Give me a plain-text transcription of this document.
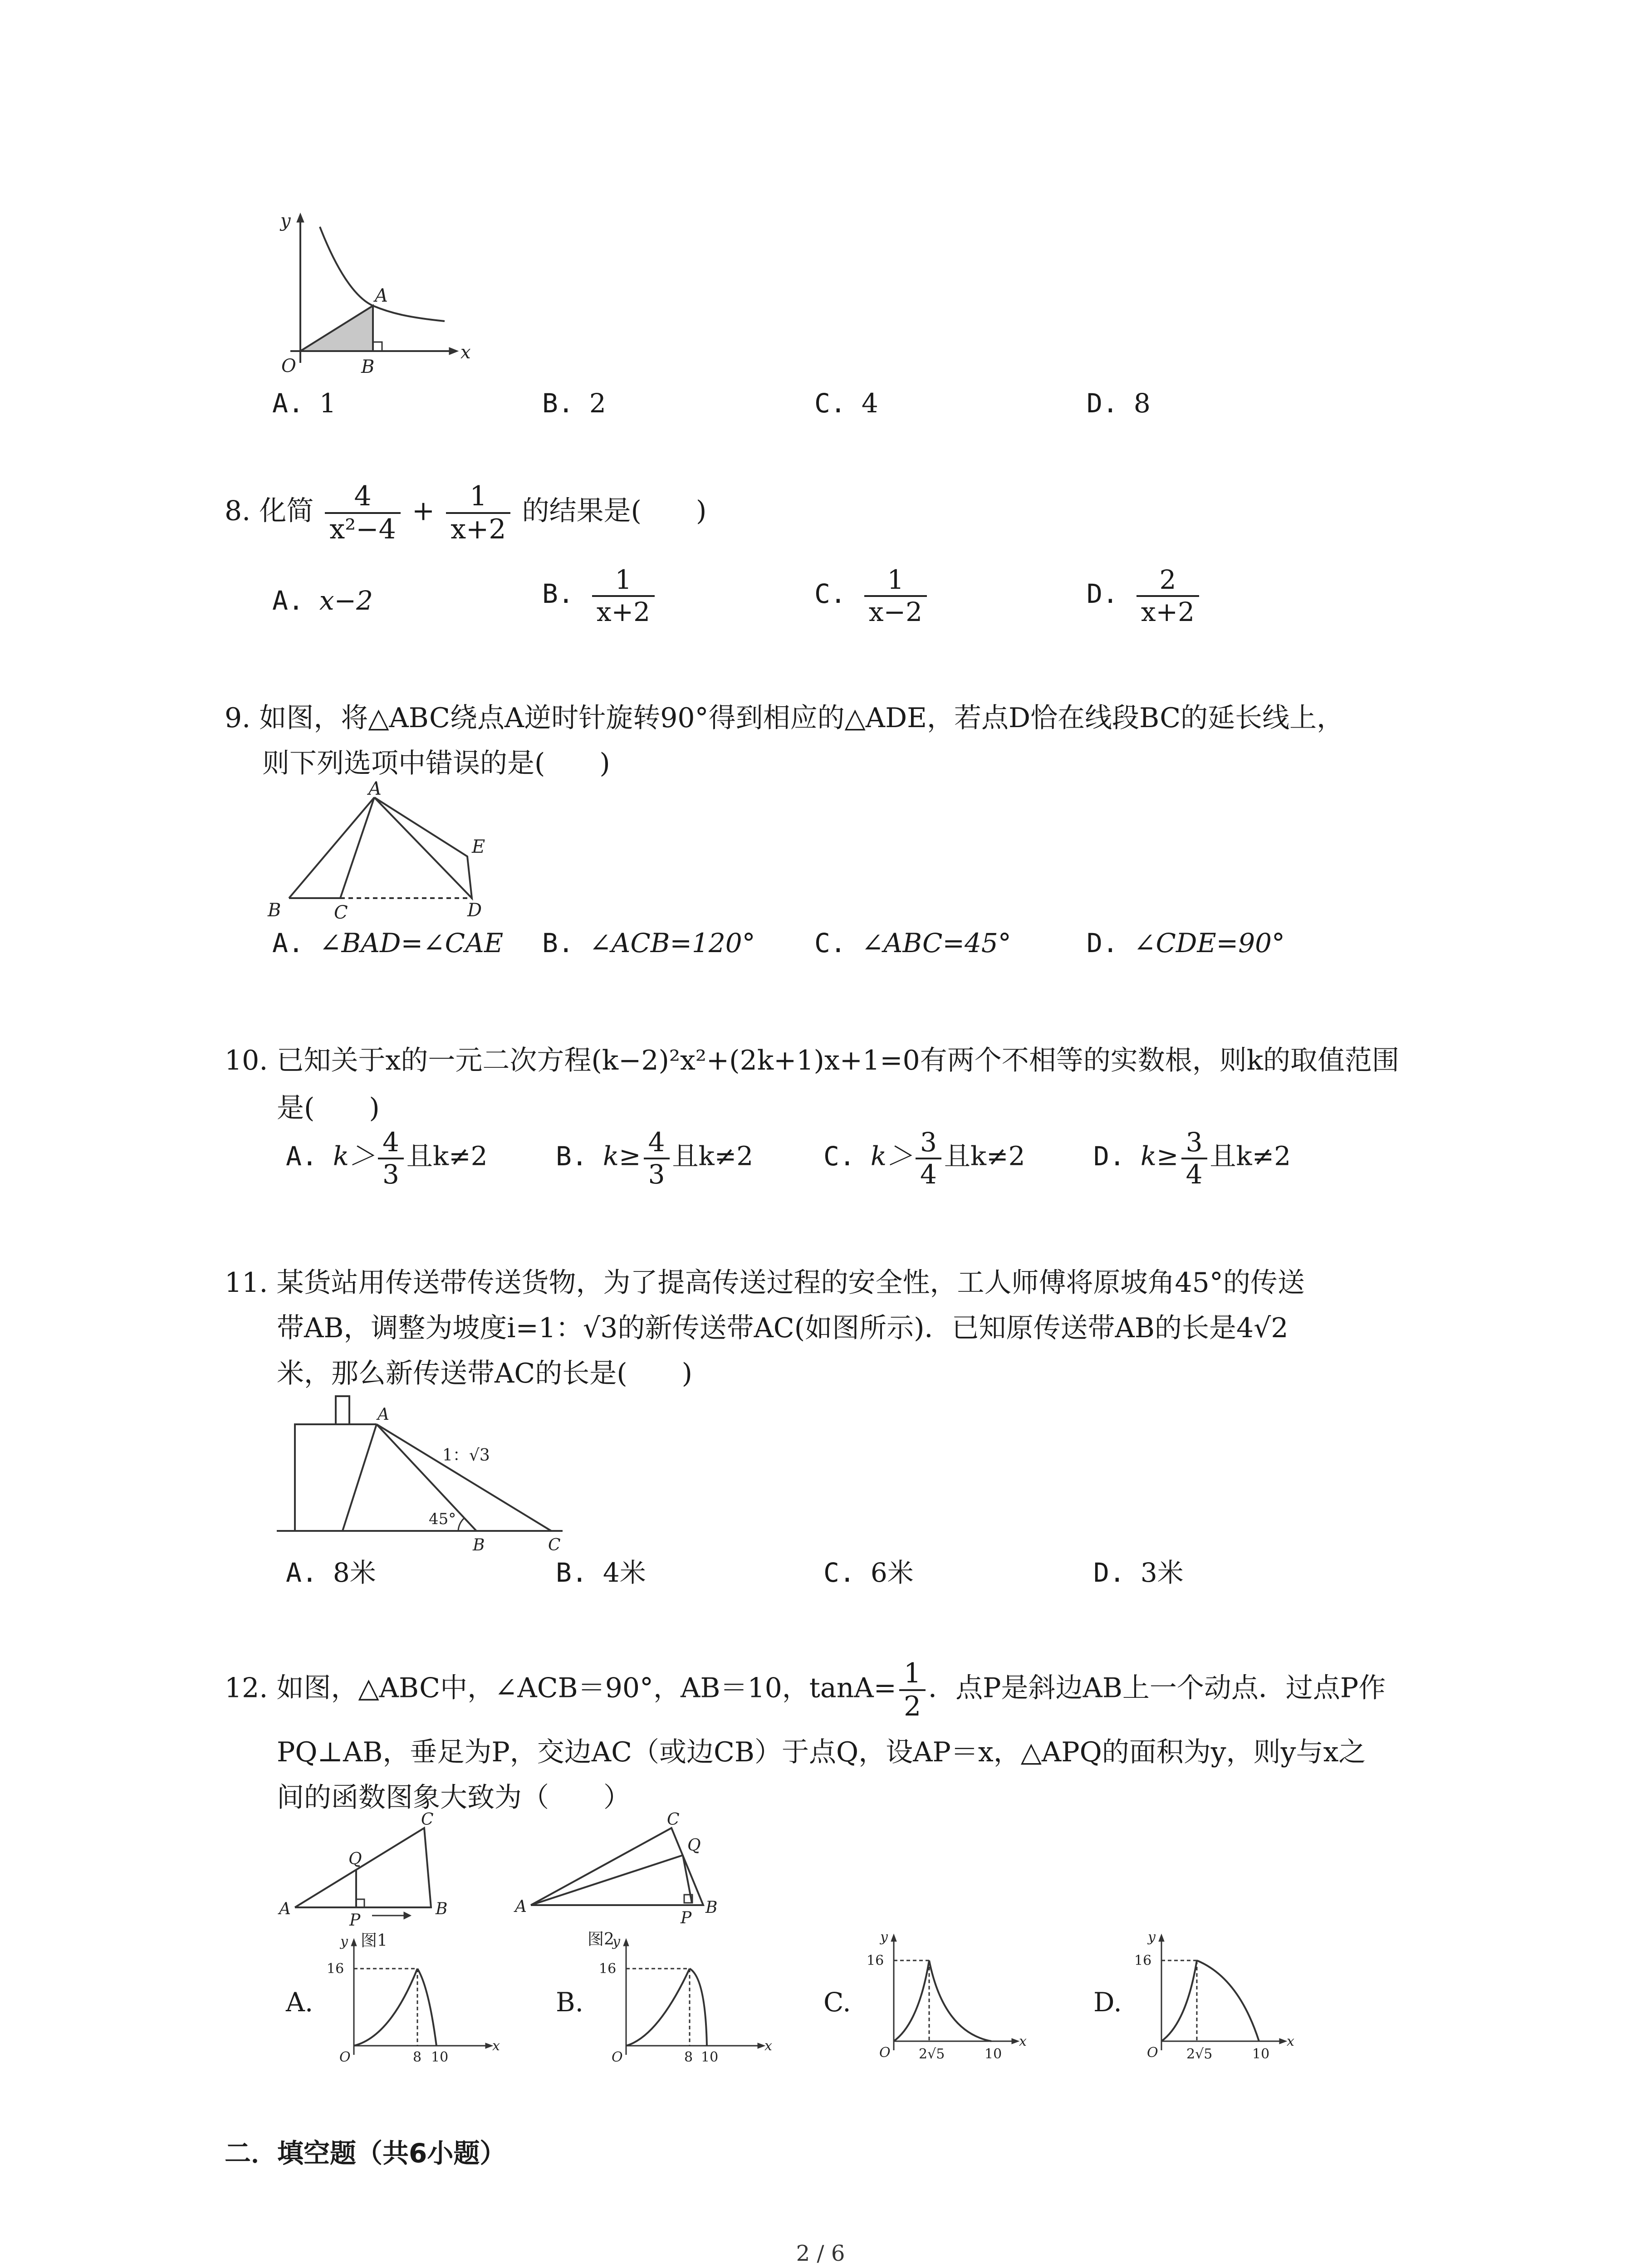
y
x
O
A
B
A. 1	B. 2	C. 4	D. 8
8. 化简 $\frac{4}{\text{x²−4}} + \frac{1}{x+2}$ 的结果是(　　)
A. x−2	B. $\frac{1}{x+2}$	C. $\frac{1}{x-2}$	D. $\frac{2}{x+2}$
9. 如图，将△ABC绕点A逆时针旋转90°得到相应的△ADE，若点D恰在线段BC的延长线上，
则下列选项中错误的是(　　)
A
B	C	D
E
A. ∠BAD=∠CAE B. ∠ACB=120° C. ∠ABC=45°	D. ∠CDE=90°
10. 已知关于x的一元二次方程(k−2)²x²+(2k+1)x+1=0有两个不相等的实数根，则k的取值范围
是(　　)
A. $k> \frac{4}{3}$ 且k≠2	B. $k\ge \frac{4}{3}$ 且k≠2	C. $k> \frac{3}{4}$ 且k≠2	D. $k\ge \frac{3}{4}$ 且k≠2
11. 某货站用传送带传送货物，为了提高传送过程的安全性，工人师傅将原坡角45°的传送
带AB，调整为坡度i=1：√3的新传送带AC(如图所示)．已知原传送带AB的长是4√2
米，那么新传送带AC的长是(　　)
A
B	C
1：√3
45°
A. 8米	B. 4米	C. 6米	D. 3米
12. 如图，△ABC中，∠ACB＝90°，AB＝10，$\tan A= \frac{1}{2}$ ．点P是斜边AB上一个动点．过点P作
PQ⊥AB，垂足为P，交边AC（或边CB）于点Q，设AP＝x，△APQ的面积为y，则y与x之
间的函数图象大致为（　　）
A	B
C
Q
P
图1
A	B
C
Q
P
图2
A.
y
x
O
16
8 10
B.
y
x
O
16
8 10
C.
y
x
O
16
2√5	10
D.
y
x
O
16
2√5	10
二．填空题（共6小题）
2 / 6
